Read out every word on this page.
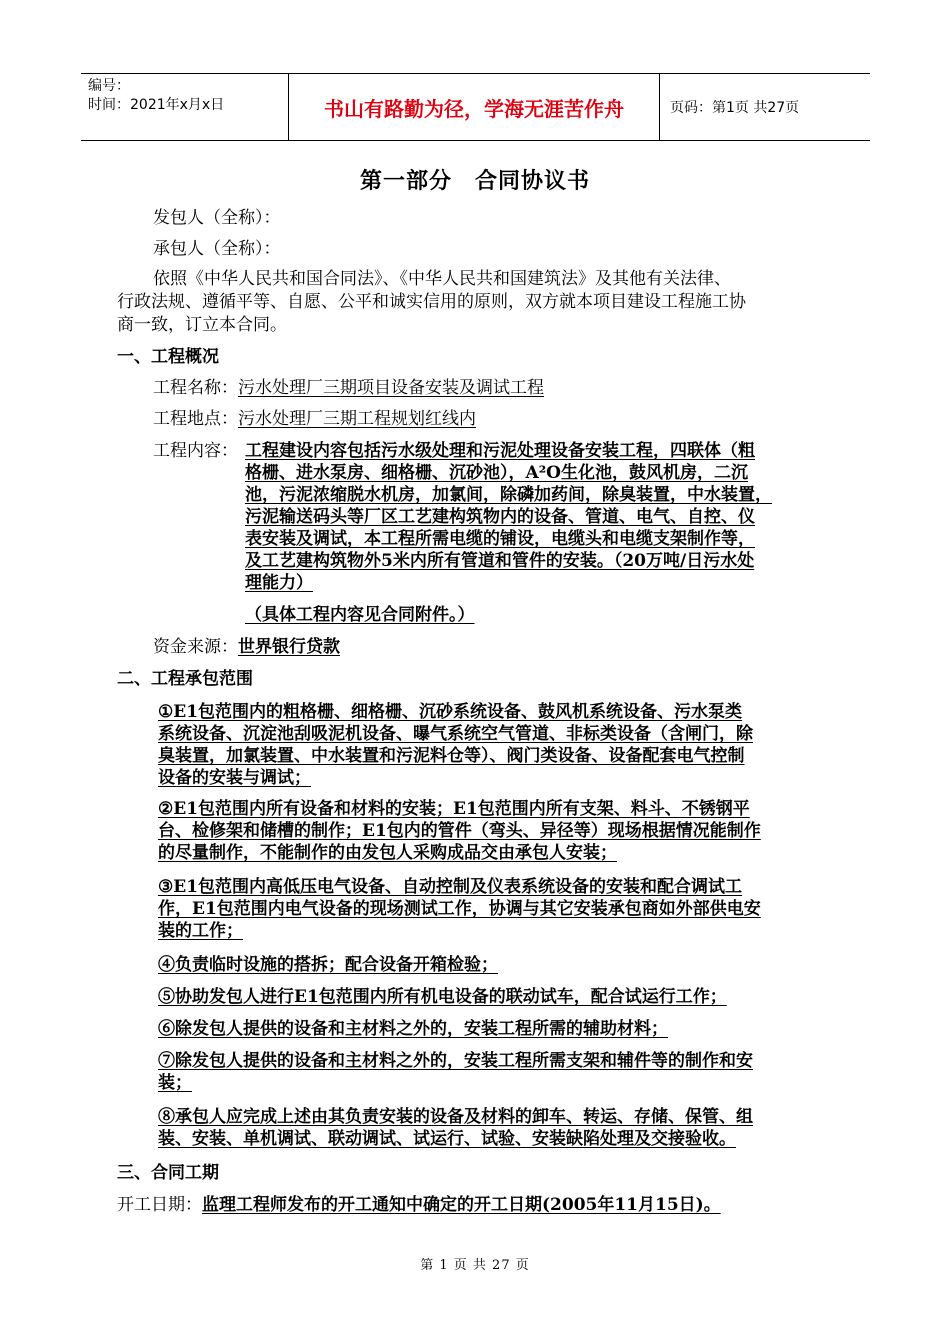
编号：
时间：2021年x月x日	书山有路勤为径，学海无涯苦作舟	页码：第1页 共27页
第一部分　合同协议书
发包人（全称）：
承包人（全称）：
依照《中华人民共和国合同法》、《中华人民共和国建筑法》及其他有关法律、
行政法规、遵循平等、自愿、公平和诚实信用的原则，双方就本项目建设工程施工协
商一致，订立本合同。
一、工程概况
工程名称：污水处理厂三期项目设备安装及调试工程
工程地点：污水处理厂三期工程规划红线内
工程内容： 工程建设内容包括污水级处理和污泥处理设备安装工程，四联体（粗
格栅、进水泵房、细格栅、沉砂池），A²O生化池，鼓风机房，二沉
池，污泥浓缩脱水机房，加氯间，除磷加药间，除臭装置，中水装置，
污泥输送码头等厂区工艺建构筑物内的设备、管道、电气、自控、仪
表安装及调试，本工程所需电缆的铺设，电缆头和电缆支架制作等，
及工艺建构筑物外5米内所有管道和管件的安装。（20万吨/日污水处
理能力）
（具体工程内容见合同附件。）
资金来源：世界银行贷款
二、工程承包范围
①E1包范围内的粗格栅、细格栅、沉砂系统设备、鼓风机系统设备、污水泵类
系统设备、沉淀池刮吸泥机设备、曝气系统空气管道、非标类设备（含闸门，除
臭装置，加氯装置、中水装置和污泥料仓等）、阀门类设备、设备配套电气控制
设备的安装与调试；
②E1包范围内所有设备和材料的安装；E1包范围内所有支架、料斗、不锈钢平
台、检修架和储槽的制作；E1包内的管件（弯头、异径等）现场根据情况能制作
的尽量制作，不能制作的由发包人采购成品交由承包人安装；
③E1包范围内高低压电气设备、自动控制及仪表系统设备的安装和配合调试工
作，E1包范围内电气设备的现场测试工作，协调与其它安装承包商如外部供电安
装的工作；
④负责临时设施的搭拆；配合设备开箱检验；
⑤协助发包人进行E1包范围内所有机电设备的联动试车，配合试运行工作；
⑥除发包人提供的设备和主材料之外的，安装工程所需的辅助材料；
⑦除发包人提供的设备和主材料之外的，安装工程所需支架和辅件等的制作和安
装；
⑧承包人应完成上述由其负责安装的设备及材料的卸车、转运、存储、保管、组
装、安装、单机调试、联动调试、试运行、试验、安装缺陷处理及交接验收。
三、合同工期
开工日期：监理工程师发布的开工通知中确定的开工日期(2005年11月15日)。
第 1 页 共 27 页
